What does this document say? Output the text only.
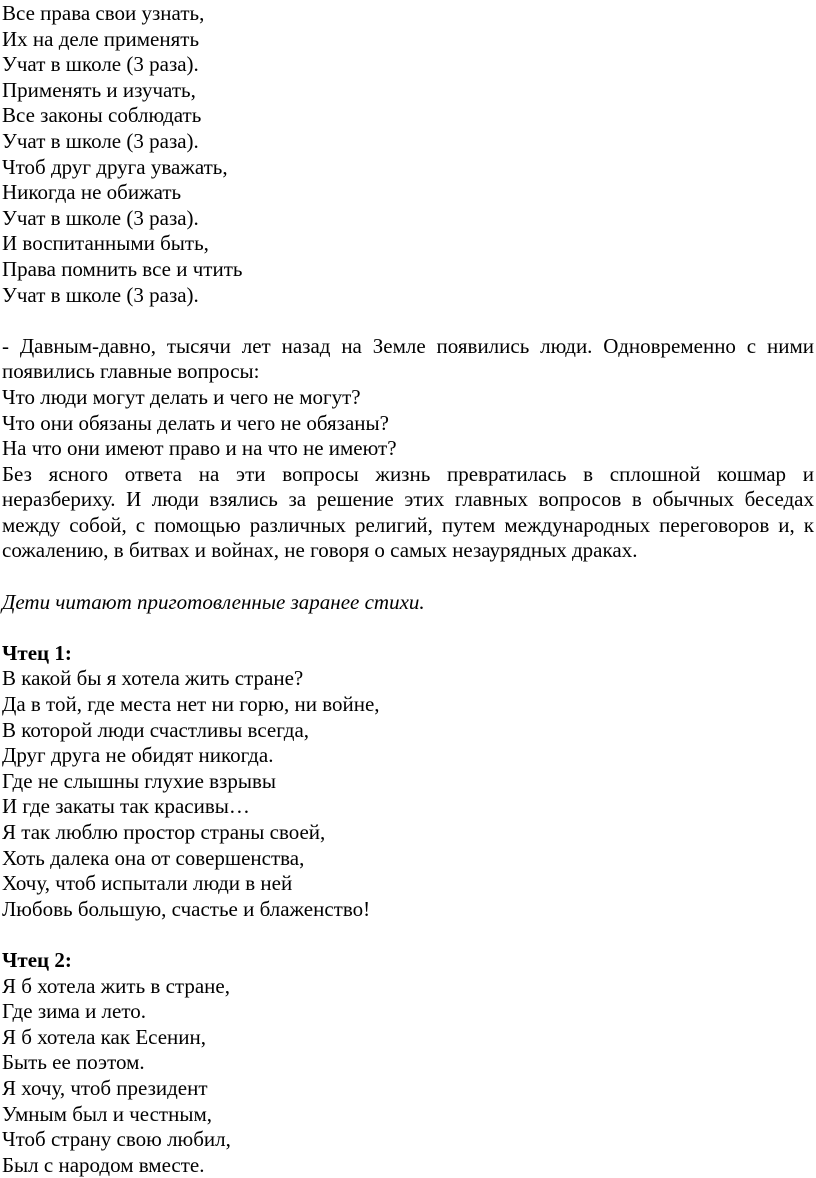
Все права свои узнать,
Их на деле применять
Учат в школе (3 раза).
Применять и изучать,
Все законы соблюдать
Учат в школе (3 раза).
Чтоб друг друга уважать,
Никогда не обижать
Учат в школе (3 раза).
И воспитанными быть,
Права помнить все и чтить
Учат в школе (3 раза).
- Давным-давно, тысячи лет назад на Земле появились люди. Одновременно с ними
появились главные вопросы:
Что люди могут делать и чего не могут?
Что они обязаны делать и чего не обязаны?
На что они имеют право и на что не имеют?
Без ясного ответа на эти вопросы жизнь превратилась в сплошной кошмар и
неразбериху. И люди взялись за решение этих главных вопросов в обычных беседах
между собой, с помощью различных религий, путем международных переговоров и, к
сожалению, в битвах и войнах, не говоря о самых незаурядных драках.
Дети читают приготовленные заранее стихи.
Чтец 1:
В какой бы я хотела жить стране?
Да в той, где места нет ни горю, ни войне,
В которой люди счастливы всегда,
Друг друга не обидят никогда.
Где не слышны глухие взрывы
И где закаты так красивы…
Я так люблю простор страны своей,
Хоть далека она от совершенства,
Хочу, чтоб испытали люди в ней
Любовь большую, счастье и блаженство!
Чтец 2:
Я б хотела жить в стране,
Где зима и лето.
Я б хотела как Есенин,
Быть ее поэтом.
Я хочу, чтоб президент
Умным был и честным,
Чтоб страну свою любил,
Был с народом вместе.
